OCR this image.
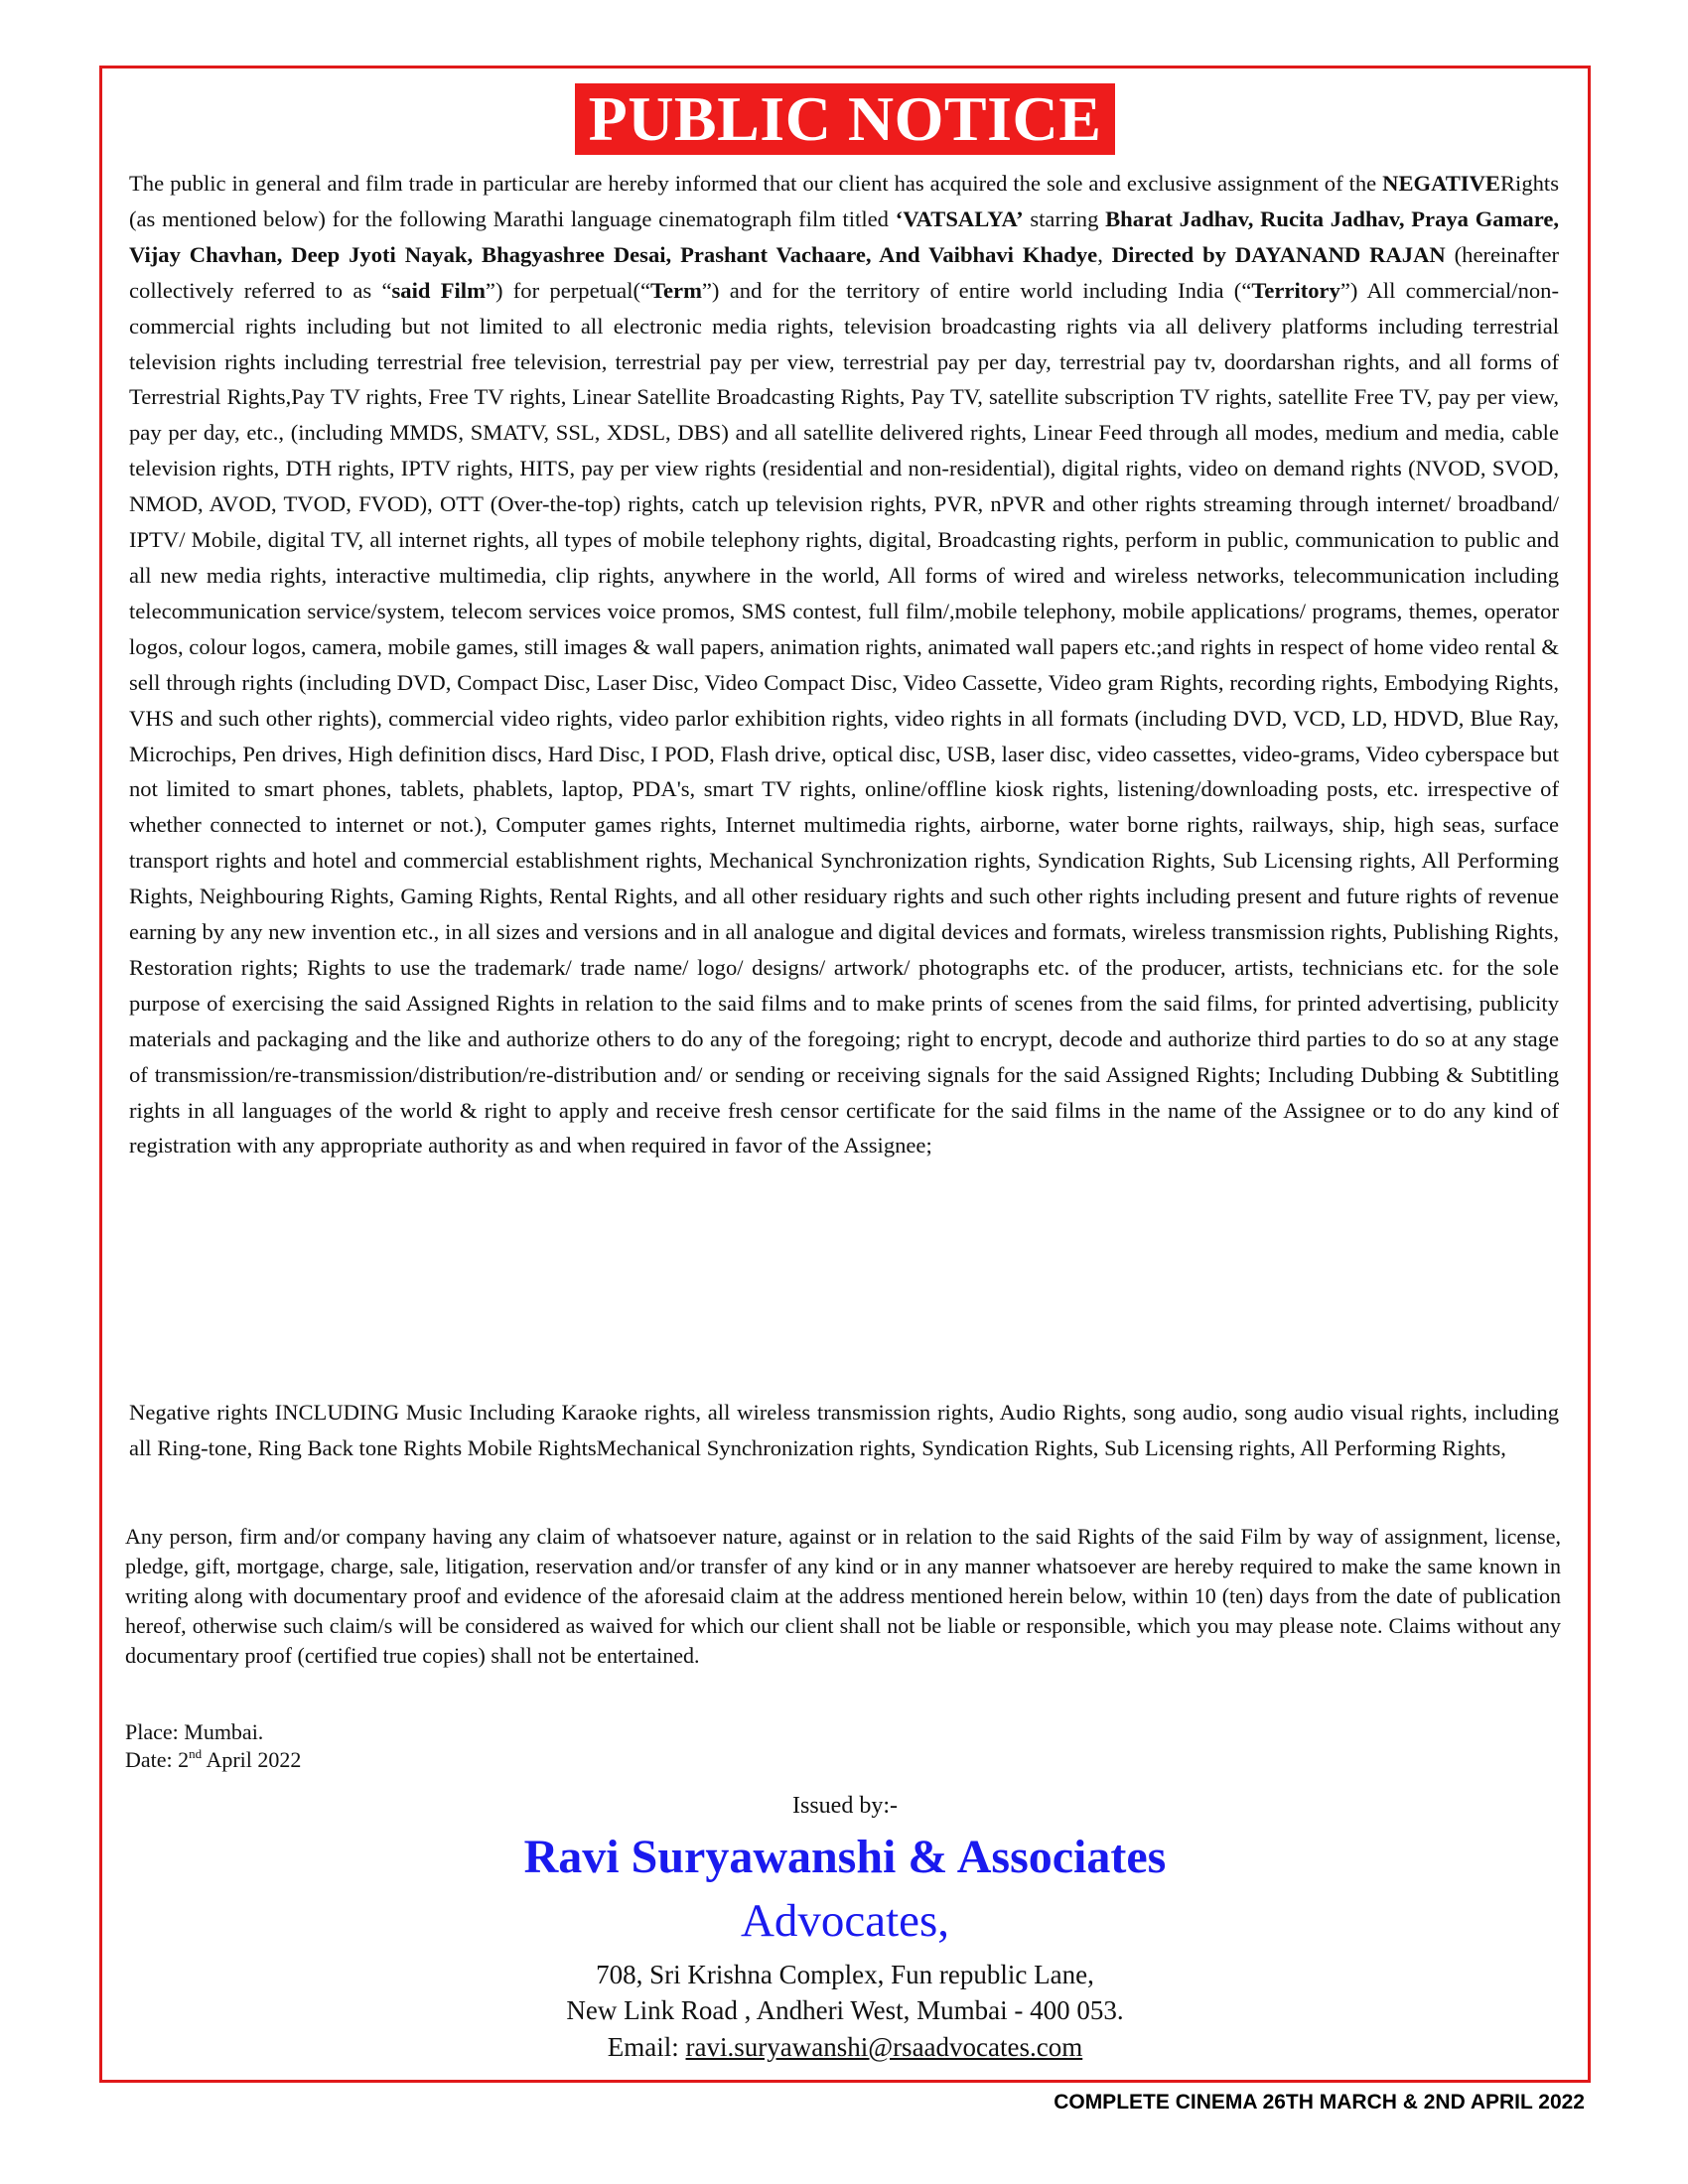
PUBLIC NOTICE
The public in general and film trade in particular are hereby informed that our client has acquired the sole and exclusive assignment of the NEGATIVERights (as mentioned below) for the following Marathi language cinematograph film titled ‘VATSALYA’ starring Bharat Jadhav, Rucita Jadhav, Praya Gamare, Vijay Chavhan, Deep Jyoti Nayak, Bhagyashree Desai, Prashant Vachaare, And Vaibhavi Khadye, Directed by DAYANAND RAJAN (hereinafter collectively referred to as “said Film”) for perpetual(“Term”) and for the territory of entire world including India (“Territory”) All commercial/non-commercial rights including but not limited to all electronic media rights, television broadcasting rights via all delivery platforms including terrestrial television rights including terrestrial free television, terrestrial pay per view, terrestrial pay per day, terrestrial pay tv, doordarshan rights, and all forms of Terrestrial Rights,Pay TV rights, Free TV rights, Linear Satellite Broadcasting Rights, Pay TV, satellite subscription TV rights, satellite Free TV, pay per view, pay per day, etc., (including MMDS, SMATV, SSL, XDSL, DBS) and all satellite delivered rights, Linear Feed through all modes, medium and media, cable television rights, DTH rights, IPTV rights, HITS, pay per view rights (residential and non-residential), digital rights, video on demand rights (NVOD, SVOD, NMOD, AVOD, TVOD, FVOD), OTT (Over-the-top) rights, catch up television rights, PVR, nPVR and other rights streaming through internet/ broadband/ IPTV/ Mobile, digital TV, all internet rights, all types of mobile telephony rights, digital, Broadcasting rights, perform in public, communication to public and all new media rights, interactive multimedia, clip rights, anywhere in the world, All forms of wired and wireless networks, telecommunication including telecommunication service/system, telecom services voice promos, SMS contest, full film/,mobile telephony, mobile applications/ programs, themes, operator logos, colour logos, camera, mobile games, still images & wall papers, animation rights, animated wall papers etc.;and rights in respect of home video rental & sell through rights (including DVD, Compact Disc, Laser Disc, Video Compact Disc, Video Cassette, Video gram Rights, recording rights, Embodying Rights, VHS and such other rights), commercial video rights, video parlor exhibition rights, video rights in all formats (including DVD, VCD, LD, HDVD, Blue Ray, Microchips, Pen drives, High definition discs, Hard Disc, I POD, Flash drive, optical disc, USB, laser disc, video cassettes, video-grams, Video cyberspace but not limited to smart phones, tablets, phablets, laptop, PDA's, smart TV rights, online/offline kiosk rights, listening/downloading posts, etc. irrespective of whether connected to internet or not.), Computer games rights, Internet multimedia rights, airborne, water borne rights, railways, ship, high seas, surface transport rights and hotel and commercial establishment rights, Mechanical Synchronization rights, Syndication Rights, Sub Licensing rights, All Performing Rights, Neighbouring Rights, Gaming Rights, Rental Rights, and all other residuary rights and such other rights including present and future rights of revenue earning by any new invention etc., in all sizes and versions and in all analogue and digital devices and formats, wireless transmission rights, Publishing Rights, Restoration rights; Rights to use the trademark/ trade name/ logo/ designs/ artwork/ photographs etc. of the producer, artists, technicians etc. for the sole purpose of exercising the said Assigned Rights in relation to the said films and to make prints of scenes from the said films, for printed advertising, publicity materials and packaging and the like and authorize others to do any of the foregoing; right to encrypt, decode and authorize third parties to do so at any stage of transmission/re-transmission/distribution/re-distribution and/ or sending or receiving signals for the said Assigned Rights; Including Dubbing & Subtitling rights in all languages of the world & right to apply and receive fresh censor certificate for the said films in the name of the Assignee or to do any kind of registration with any appropriate authority as and when required in favor of the Assignee;
Negative rights INCLUDING Music Including Karaoke rights, all wireless transmission rights, Audio Rights, song audio, song audio visual rights, including all Ring-tone, Ring Back tone Rights Mobile RightsMechanical Synchronization rights, Syndication Rights, Sub Licensing rights, All Performing Rights,
Any person, firm and/or company having any claim of whatsoever nature, against or in relation to the said Rights of the said Film by way of assignment, license, pledge, gift, mortgage, charge, sale, litigation, reservation and/or transfer of any kind or in any manner whatsoever are hereby required to make the same known in writing along with documentary proof and evidence of the aforesaid claim at the address mentioned herein below, within 10 (ten) days from the date of publication hereof, otherwise such claim/s will be considered as waived for which our client shall not be liable or responsible, which you may please note. Claims without any documentary proof (certified true copies) shall not be entertained.
Place: Mumbai.
Date: 2nd April 2022
Issued by:-
Ravi Suryawanshi & Associates
Advocates,
708, Sri Krishna Complex, Fun republic Lane,
New Link Road , Andheri West, Mumbai - 400 053.
Email: ravi.suryawanshi@rsaadvocates.com
COMPLETE CINEMA 26TH MARCH & 2ND APRIL 2022
